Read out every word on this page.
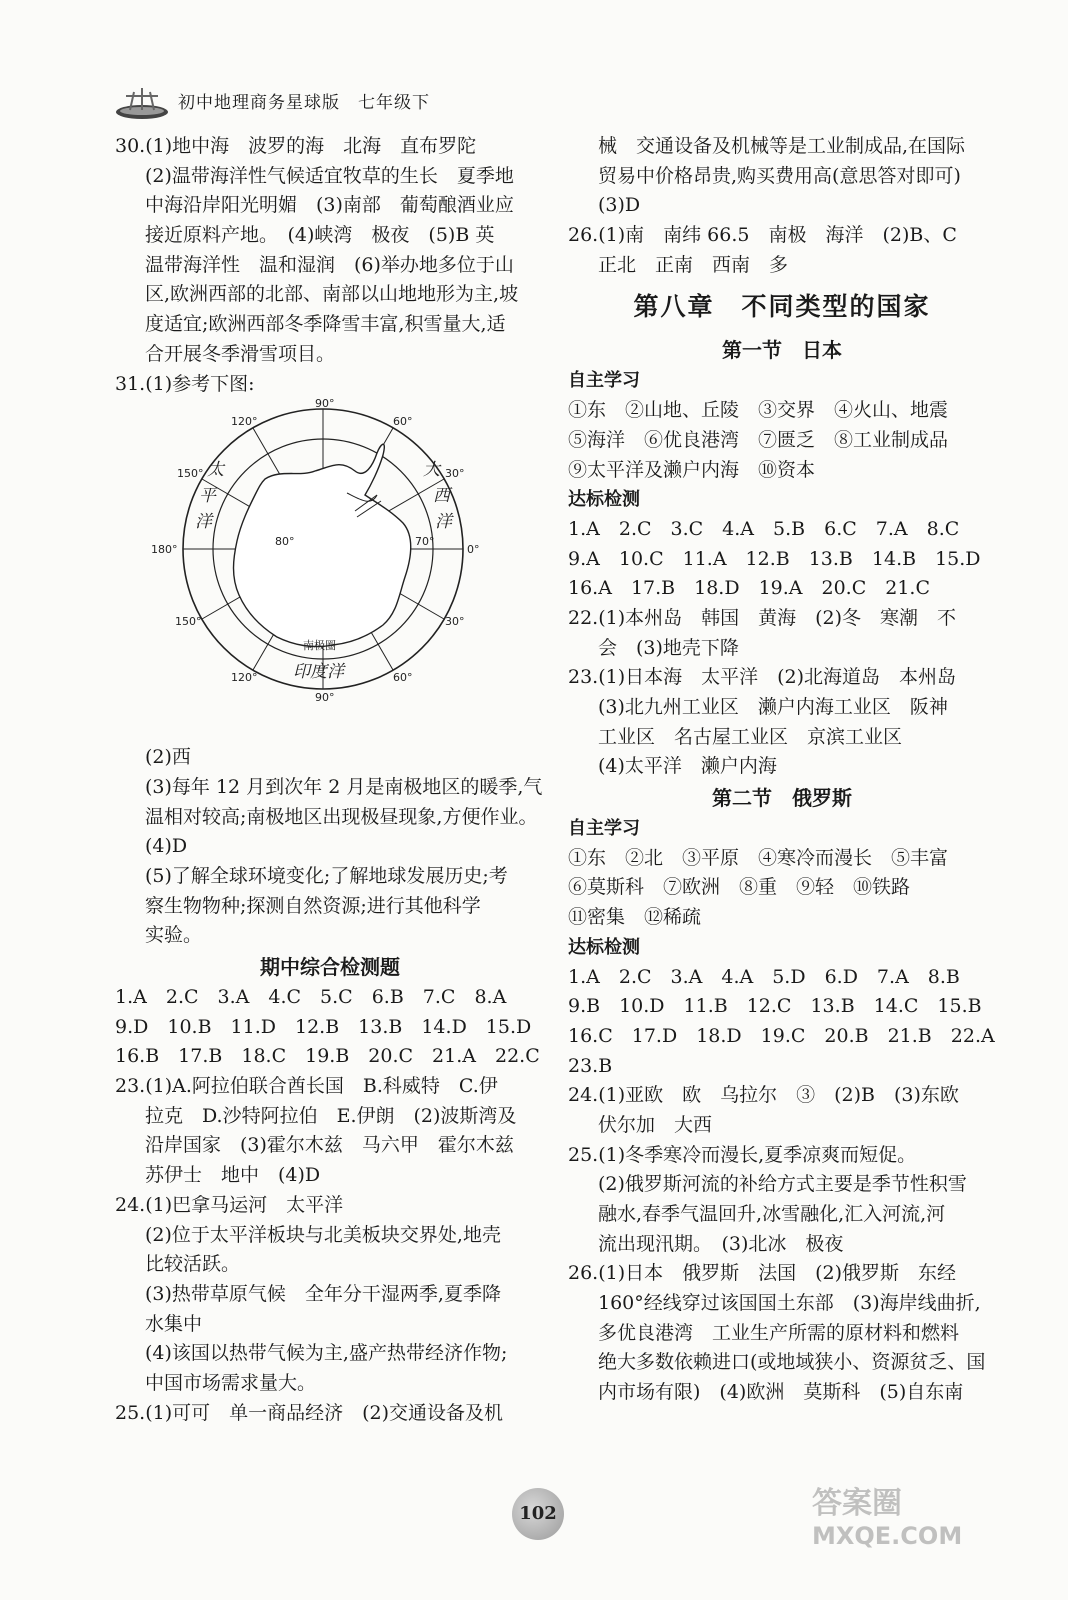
初中地理商务星球版　七年级下
30.(1)地中海　波罗的海　北海　直布罗陀
(2)温带海洋性气候适宜牧草的生长　夏季地
中海沿岸阳光明媚　(3)南部　葡萄酿酒业应
接近原料产地。　(4)峡湾　极夜　(5)B 英
温带海洋性　温和湿润　(6)举办地多位于山
区,欧洲西部的北部、南部以山地地形为主,坡
度适宜;欧洲西部冬季降雪丰富,积雪量大,适
合开展冬季滑雪项目。
31.(1)参考下图:
90°
120°	60°
150°	30°
180°	0°
150°	30°
120°	60°
90°
80°	70°
太
平
洋
大
西
洋
印度洋
南极圈
(2)西
(3)每年 12 月到次年 2 月是南极地区的暖季,气
温相对较高;南极地区出现极昼现象,方便作业。
(4)D
(5)了解全球环境变化;了解地球发展历史;考
察生物物种;探测自然资源;进行其他科学
实验。
期中综合检测题
1.A　2.C　3.A　4.C　5.C　6.B　7.C　8.A
9.D　10.B　11.D　12.B　13.B　14.D　15.D
16.B　17.B　18.C　19.B　20.C　21.A　22.C
23.(1)A.阿拉伯联合酋长国　B.科威特　C.伊
拉克　D.沙特阿拉伯　E.伊朗　(2)波斯湾及
沿岸国家　(3)霍尔木兹　马六甲　霍尔木兹
苏伊士　地中　(4)D
24.(1)巴拿马运河　太平洋
(2)位于太平洋板块与北美板块交界处,地壳
比较活跃。
(3)热带草原气候　全年分干湿两季,夏季降
水集中
(4)该国以热带气候为主,盛产热带经济作物;
中国市场需求量大。
25.(1)可可　单一商品经济　(2)交通设备及机
械　交通设备及机械等是工业制成品,在国际
贸易中价格昂贵,购买费用高(意思答对即可)
(3)D
26.(1)南　南纬 66.5　南极　海洋　(2)B、C
正北　正南　西南　多
第八章　不同类型的国家
第一节　日本
自主学习
①东　②山地、丘陵　③交界　④火山、地震
⑤海洋　⑥优良港湾　⑦匮乏　⑧工业制成品
⑨太平洋及濑户内海　⑩资本
达标检测
1.A　2.C　3.C　4.A　5.B　6.C　7.A　8.C
9.A　10.C　11.A　12.B　13.B　14.B　15.D
16.A　17.B　18.D　19.A　20.C　21.C
22.(1)本州岛　韩国　黄海　(2)冬　寒潮　不
会　(3)地壳下降
23.(1)日本海　太平洋　(2)北海道岛　本州岛
(3)北九州工业区　濑户内海工业区　阪神
工业区　名古屋工业区　京滨工业区
(4)太平洋　濑户内海
第二节　俄罗斯
自主学习
①东　②北　③平原　④寒冷而漫长　⑤丰富
⑥莫斯科　⑦欧洲　⑧重　⑨轻　⑩铁路
⑪密集　⑫稀疏
达标检测
1.A　2.C　3.A　4.A　5.D　6.D　7.A　8.B
9.B　10.D　11.B　12.C　13.B　14.C　15.B
16.C　17.D　18.D　19.C　20.B　21.B　22.A
23.B
24.(1)亚欧　欧　乌拉尔　③　(2)B　(3)东欧
伏尔加　大西
25.(1)冬季寒冷而漫长,夏季凉爽而短促。
(2)俄罗斯河流的补给方式主要是季节性积雪
融水,春季气温回升,冰雪融化,汇入河流,河
流出现汛期。　(3)北冰　极夜
26.(1)日本　俄罗斯　法国　(2)俄罗斯　东经
160°经线穿过该国国土东部　(3)海岸线曲折,
多优良港湾　工业生产所需的原材料和燃料
绝大多数依赖进口(或地域狭小、资源贫乏、国
内市场有限)　(4)欧洲　莫斯科　(5)自东南
102	答案圈
MXQE.COM
